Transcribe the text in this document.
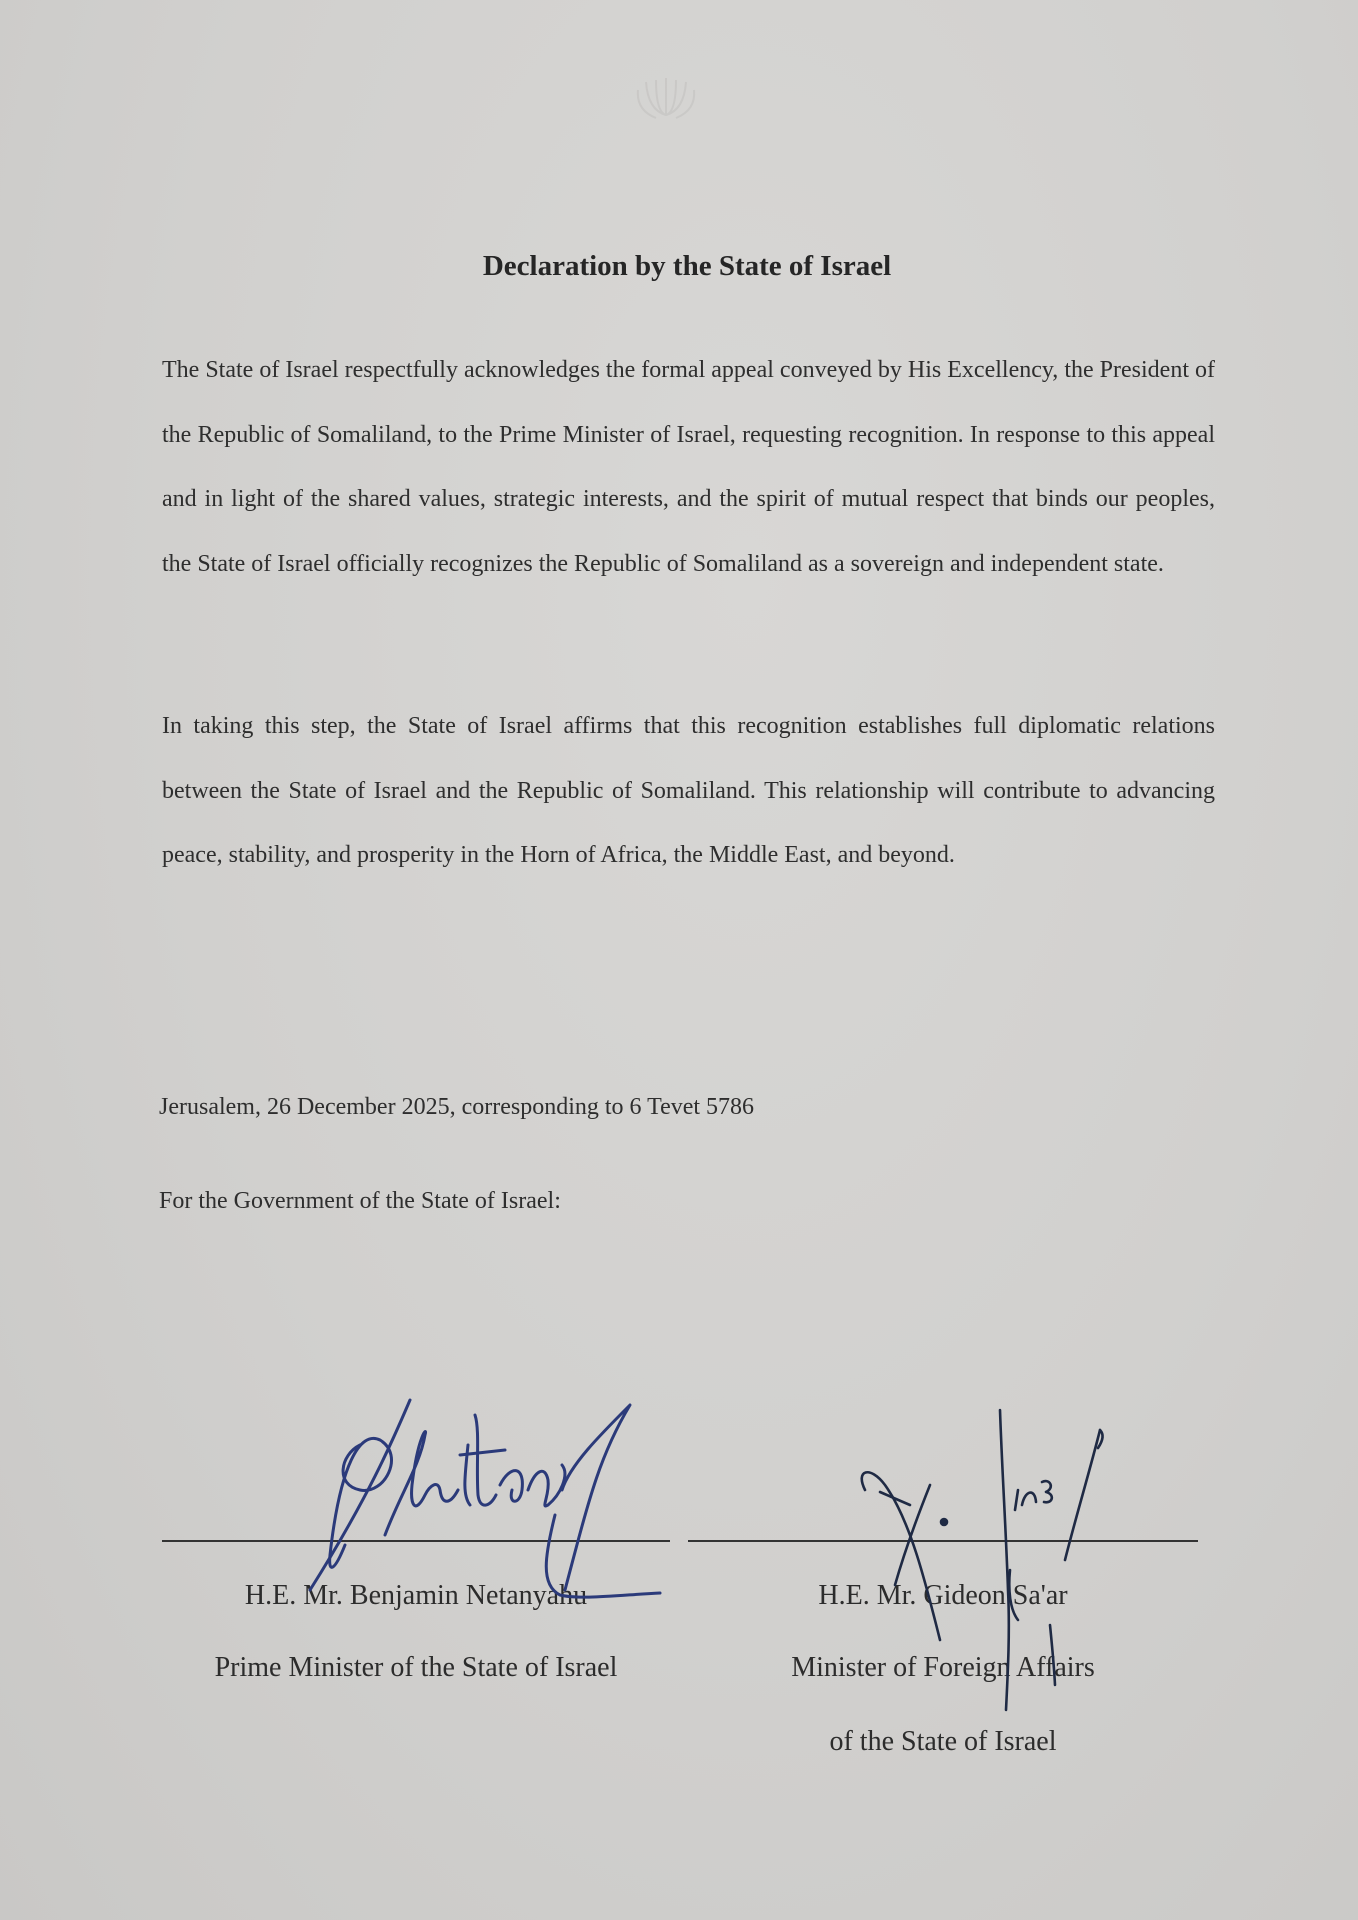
Declaration by the State of Israel

The State of Israel respectfully acknowledges the formal appeal conveyed by His Excellency, the President of the Republic of Somaliland, to the Prime Minister of Israel, requesting recognition. In response to this appeal and in light of the shared values, strategic interests, and the spirit of mutual respect that binds our peoples, the State of Israel officially recognizes the Republic of Somaliland as a sovereign and independent state.

In taking this step, the State of Israel affirms that this recognition establishes full diplomatic relations between the State of Israel and the Republic of Somaliland. This relationship will contribute to advancing peace, stability, and prosperity in the Horn of Africa, the Middle East, and beyond.

Jerusalem, 26 December 2025, corresponding to 6 Tevet 5786

For the Government of the State of Israel:

H.E. Mr. Benjamin Netanyahu

Prime Minister of the State of Israel

H.E. Mr. Gideon Sa'ar

Minister of Foreign Affairs

of the State of Israel
